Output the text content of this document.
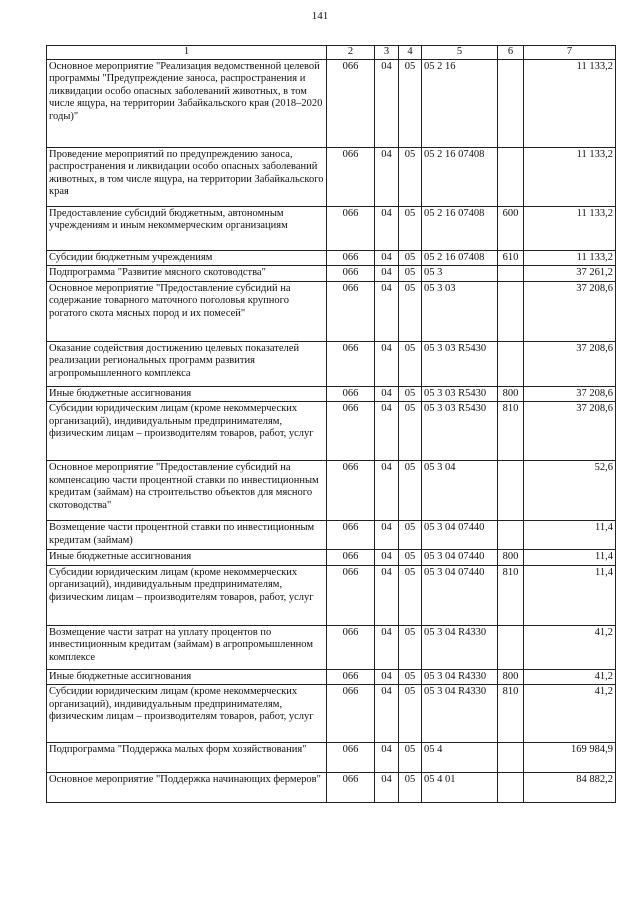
141
1	2	3	4	5	6	7
Основное мероприятие "Реализация ведомственной целевой программы "Предупреждение заноса, распространения и ликвидации особо опасных заболеваний животных, в том числе ящура, на территории Забайкальского края (2018–2020 годы)"	066	04	05	05 2 16		11 133,2
Проведение мероприятий по предупреждению заноса, распространения и ликвидации особо опасных заболеваний животных, в том числе ящура, на территории Забайкальского края	066	04	05	05 2 16 07408		11 133,2
Предоставление субсидий бюджетным, автономным учреждениям и иным некоммерческим организациям	066	04	05	05 2 16 07408	600	11 133,2
Субсидии бюджетным учреждениям	066	04	05	05 2 16 07408	610	11 133,2
Подпрограмма "Развитие мясного скотоводства"	066	04	05	05 3		37 261,2
Основное мероприятие "Предоставление субсидий на содержание товарного маточного поголовья крупного рогатого скота мясных пород и их помесей"	066	04	05	05 3 03		37 208,6
Оказание содействия достижению целевых показателей реализации региональных программ развития агропромышленного комплекса	066	04	05	05 3 03 R5430		37 208,6
Иные бюджетные ассигнования	066	04	05	05 3 03 R5430	800	37 208,6
Субсидии юридическим лицам (кроме некоммерческих организаций), индивидуальным предпринимателям, физическим лицам – производителям товаров, работ, услуг	066	04	05	05 3 03 R5430	810	37 208,6
Основное мероприятие "Предоставление субсидий на компенсацию части процентной ставки по инвестиционным кредитам (займам) на строительство объектов для мясного скотоводства"	066	04	05	05 3 04		52,6
Возмещение части процентной ставки по инвестиционным кредитам (займам)	066	04	05	05 3 04 07440		11,4
Иные бюджетные ассигнования	066	04	05	05 3 04 07440	800	11,4
Субсидии юридическим лицам (кроме некоммерческих организаций), индивидуальным предпринимателям, физическим лицам – производителям товаров, работ, услуг	066	04	05	05 3 04 07440	810	11,4
Возмещение части затрат на уплату процентов по инвестиционным кредитам (займам) в агропромышленном комплексе	066	04	05	05 3 04 R4330		41,2
Иные бюджетные ассигнования	066	04	05	05 3 04 R4330	800	41,2
Субсидии юридическим лицам (кроме некоммерческих организаций), индивидуальным предпринимателям, физическим лицам – производителям товаров, работ, услуг	066	04	05	05 3 04 R4330	810	41,2
Подпрограмма "Поддержка малых форм хозяйствования"	066	04	05	05 4		169 984,9
Основное мероприятие "Поддержка начинающих фермеров"	066	04	05	05 4 01		84 882,2
